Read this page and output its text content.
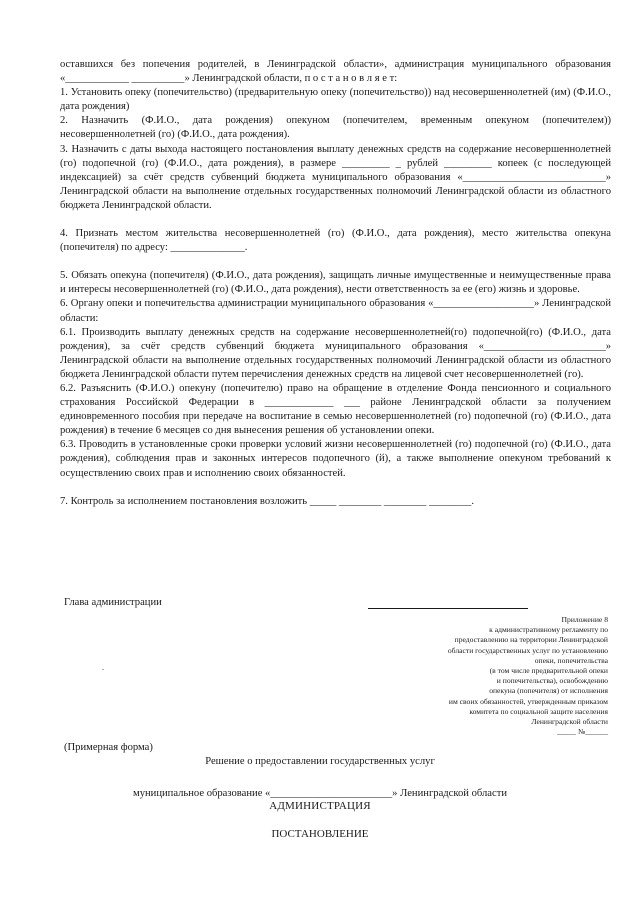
оставшихся без попечения родителей, в Ленинградской области», администрация муниципального образования «____________ __________» Ленинградской области, п о с т а н о в л я е т:

1. Установить опеку (попечительство) (предварительную опеку (попечительство)) над несовершеннолетней (им) (Ф.И.О., дата рождения)

2. Назначить (Ф.И.О., дата рождения) опекуном (попечителем, временным опекуном (попечителем)) несовершеннолетней (го) (Ф.И.О., дата рождения).

3. Назначить с даты выхода настоящего постановления выплату денежных средств на содержание несовершеннолетней (го) подопечной (го) (Ф.И.О., дата рождения), в размере _________ _ рублей _________ копеек (с последующей индексацией) за счёт средств субвенций бюджета муниципального образования «___________________________» Ленинградской области на выполнение отдельных государственных полномочий Ленинградской области из областного бюджета Ленинградской области.

4. Признать местом жительства несовершеннолетней (го) (Ф.И.О., дата рождения), место жительства опекуна (попечителя) по адресу: ______________.

5. Обязать опекуна (попечителя) (Ф.И.О., дата рождения), защищать личные имущественные и неимущественные права и интересы несовершеннолетней (го) (Ф.И.О., дата рождения), нести ответственность за ее (его) жизнь и здоровье.

6. Органу опеки и попечительства администрации муниципального образования «___________________» Ленинградской области:

6.1. Производить выплату денежных средств на содержание несовершеннолетней(го) подопечной(го) (Ф.И.О., дата рождения), за счёт средств субвенций бюджета муниципального образования «_______________________» Ленинградской области на выполнение отдельных государственных полномочий Ленинградской области из областного бюджета Ленинградской области путем перечисления денежных средств на лицевой счет несовершеннолетней (го).

6.2. Разъяснить (Ф.И.О.) опекуну (попечителю) право на обращение в отделение Фонда пенсионного и социального страхования Российской Федерации в _____________ ___ районе Ленинградской области за получением единовременного пособия при передаче на воспитание в семью несовершеннолетней (го) подопечной (го) (Ф.И.О., дата рождения) в течение 6 месяцев со дня вынесения решения об установлении опеки.

6.3. Проводить в установленные сроки проверки условий жизни несовершеннолетней (го) подопечной (го) (Ф.И.О., дата рождения), соблюдения прав и законных интересов подопечного (й), а также выполнение опекуном требований к осуществлению своих прав и исполнению своих обязанностей.

7. Контроль за исполнением постановления возложить _____ ________ ________ ________.

Глава администрации
Приложение 8
к административному регламенту по
предоставлению на территории Ленинградской
области государственных услуг по установлению
опеки, попечительства
(в том числе предварительной опеки
и попечительства), освобождению
опекуна (попечителя) от исполнения
им своих обязанностей, утвержденным приказом
комитета по социальной защите населения
Ленинградской области
_____ №______
.
(Примерная форма)
Решение о предоставлении государственных услуг
муниципальное образование «_______________________» Ленинградской области
АДМИНИСТРАЦИЯ
ПОСТАНОВЛЕНИЕ
